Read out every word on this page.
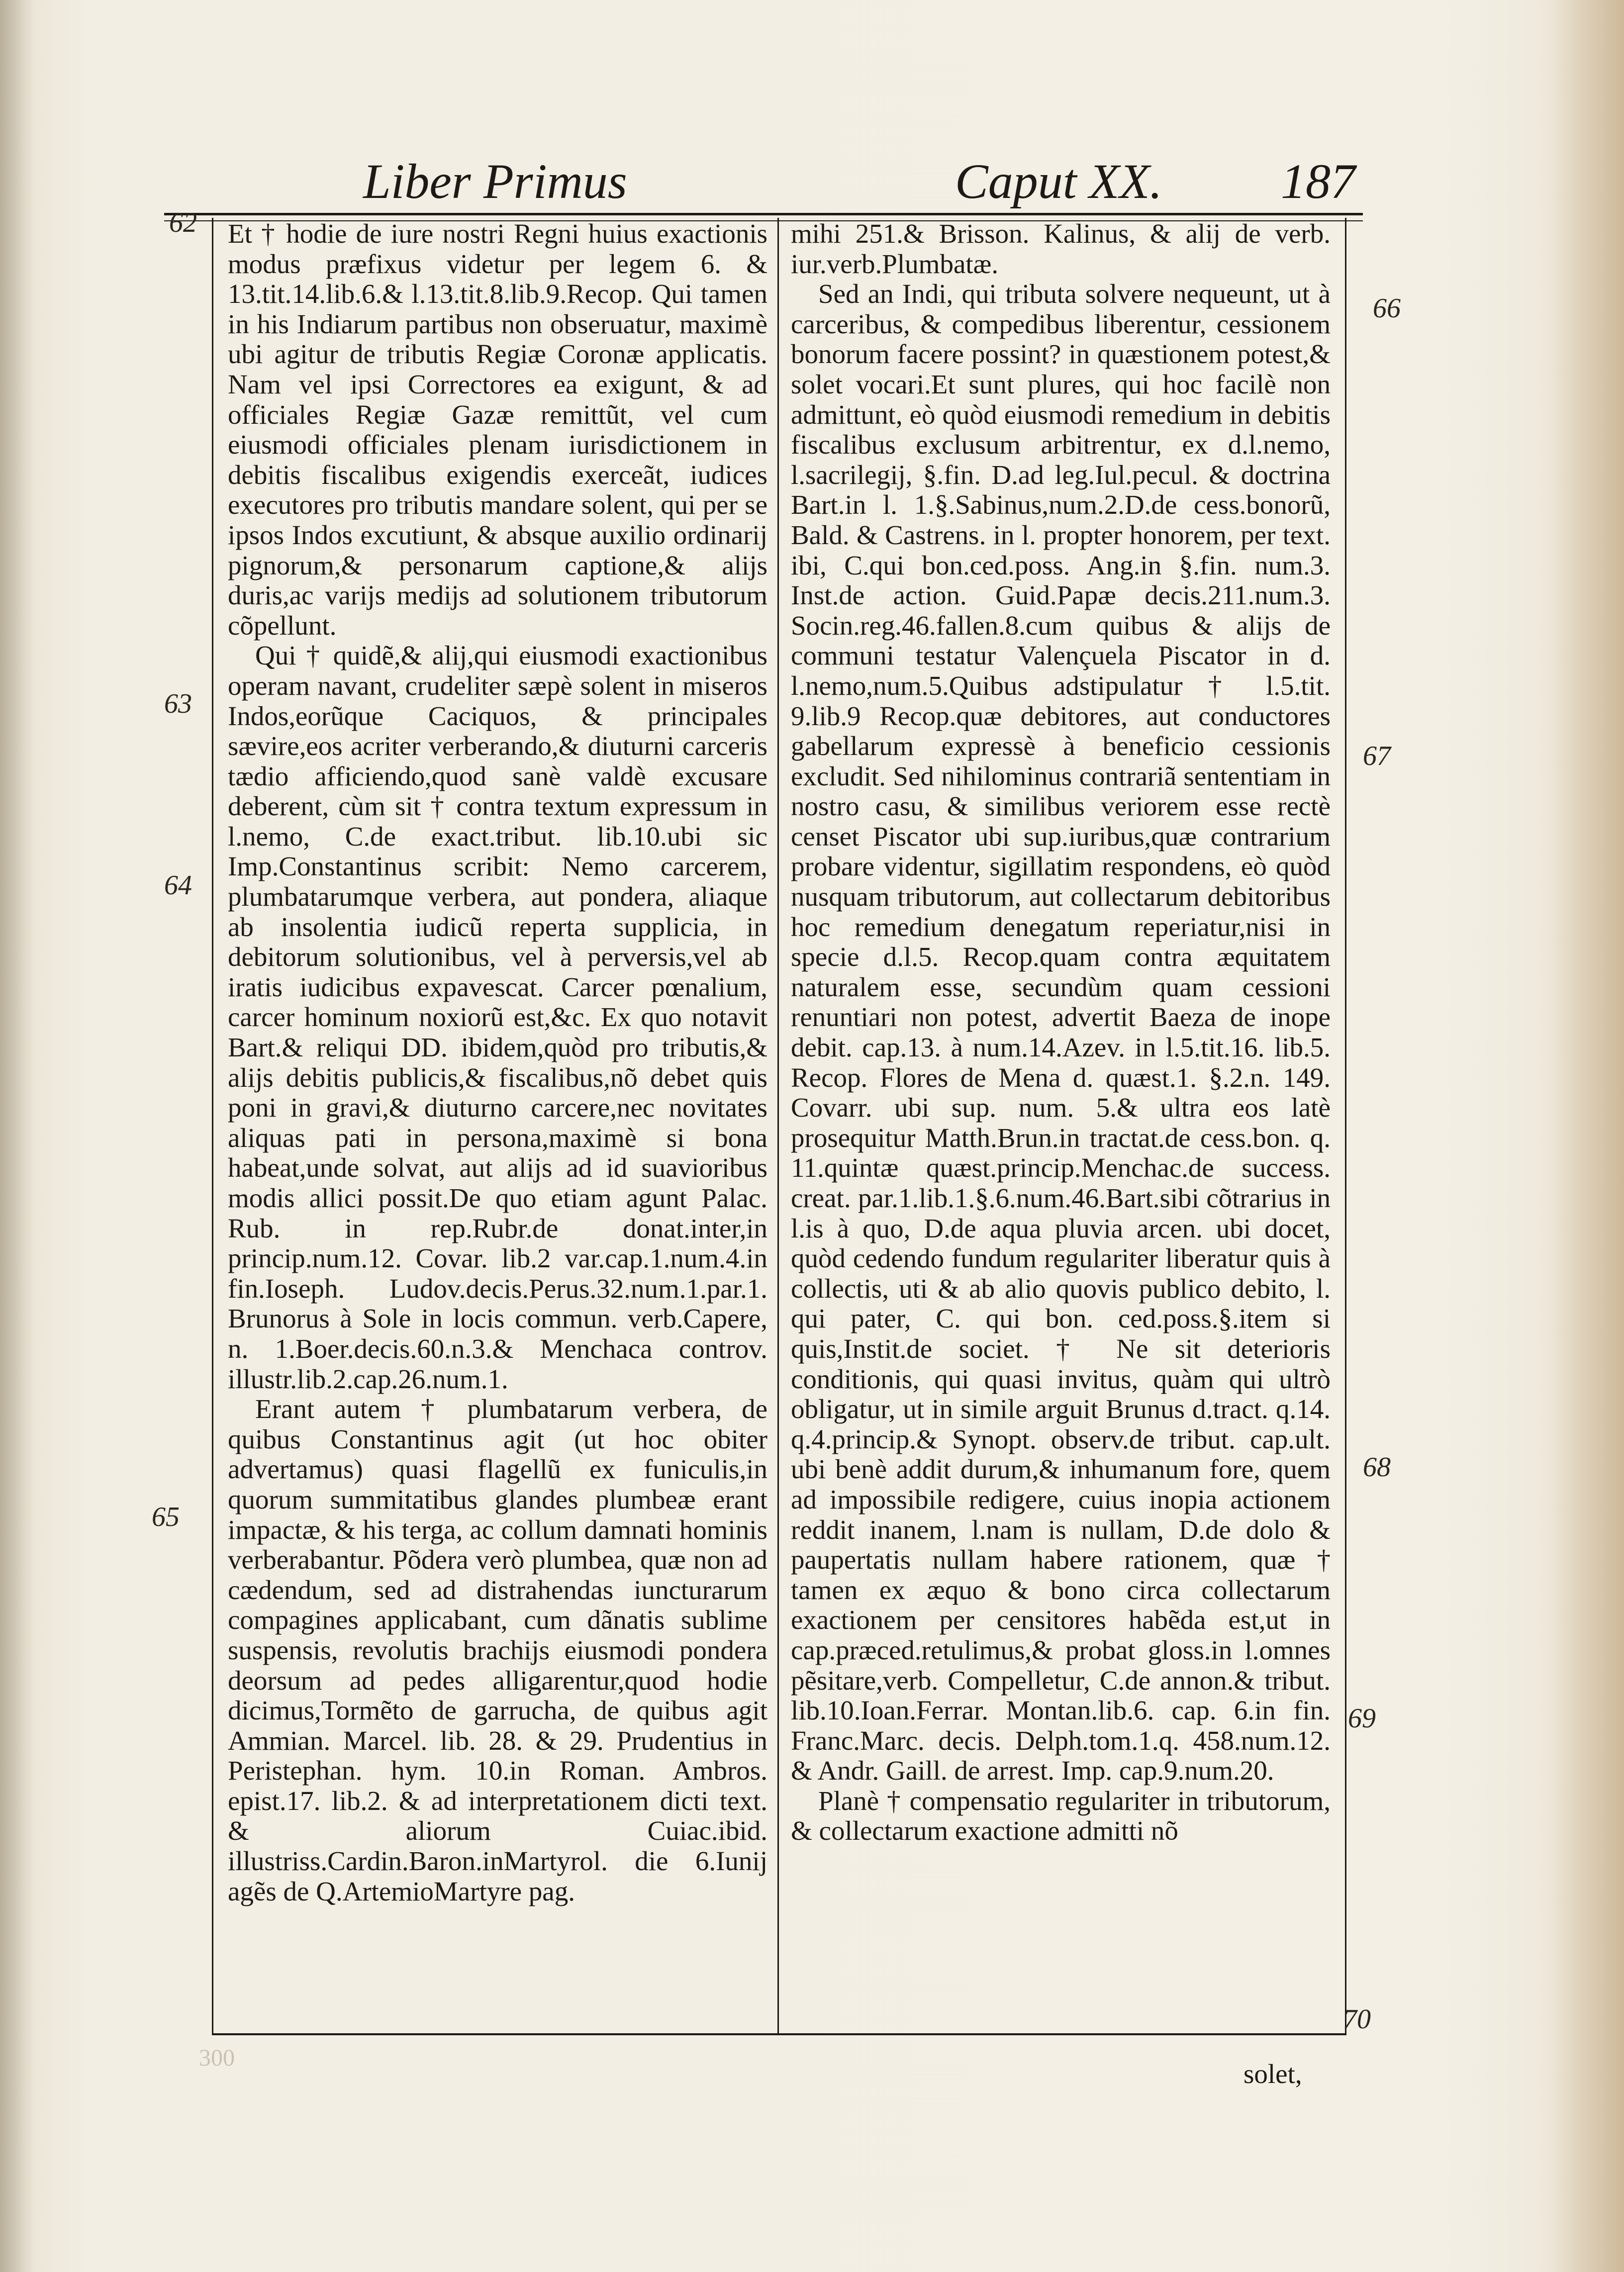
Liber Primus	Caput XX. 187

Et † hodie de iure nostri Regni huius exactionis modus præfixus videtur per legem 6. & 13.tit.14.lib.6.& l.13.tit.8.lib.9.Recop. Qui tamen in his Indiarum partibus non obseruatur, maximè ubi agitur de tributis Regiæ Coronæ applicatis. Nam vel ipsi Correctores ea exigunt, & ad officiales Regiæ Gazæ remittũt, vel cum eiusmodi officiales plenam iurisdictionem in debitis fiscalibus exigendis exerceãt, iudices executores pro tributis mandare solent, qui per se ipsos Indos excutiunt, & absque auxilio ordinarij pignorum,& personarum captione,& alijs duris,ac varijs medijs ad solutionem tributorum cõpellunt.

Qui † quidẽ,& alij,qui eiusmodi exactionibus operam navant, crudeliter sæpè solent in miseros Indos,eorũque Caciquos, & principales sævire,eos acriter verberando,& diuturni carceris tædio afficiendo,quod sanè valdè excusare deberent, cùm sit † contra textum expressum in l.nemo, C.de exact.tribut. lib.10.ubi sic Imp.Constantinus scribit: Nemo carcerem, plumbatarumque verbera, aut pondera, aliaque ab insolentia iudicũ reperta supplicia, in debitorum solutionibus, vel à perversis,vel ab iratis iudicibus expavescat. Carcer pœnalium, carcer hominum noxiorũ est,&c. Ex quo notavit Bart.& reliqui DD. ibidem,quòd pro tributis,& alijs debitis publicis,& fiscalibus,nõ debet quis poni in gravi,& diuturno carcere,nec novitates aliquas pati in persona,maximè si bona habeat,unde solvat, aut alijs ad id suavioribus modis allici possit.De quo etiam agunt Palac. Rub. in rep.Rubr.de donat.inter,in princip.num.12. Covar. lib.2 var.cap.1.num.4.in fin.Ioseph. Ludov.decis.Perus.32.num.1.par.1. Brunorus à Sole in locis commun. verb.Capere, n. 1.Boer.decis.60.n.3.& Menchaca controv. illustr.lib.2.cap.26.num.1.

Erant autem † plumbatarum verbera, de quibus Constantinus agit (ut hoc obiter advertamus) quasi flagellũ ex funiculis,in quorum summitatibus glandes plumbeæ erant impactæ, & his terga, ac collum damnati hominis verberabantur. Põdera verò plumbea, quæ non ad cædendum, sed ad distrahendas iuncturarum compagines applicabant, cum dãnatis sublime suspensis, revolutis brachijs eiusmodi pondera deorsum ad pedes alligarentur,quod hodie dicimus,Tormẽto de garrucha, de quibus agit Ammian. Marcel. lib. 28. & 29. Prudentius in Peristephan. hym. 10.in Roman. Ambros. epist.17. lib.2. & ad interpretationem dicti text. & aliorum Cuiac.ibid. illustriss.Cardin.Baron.inMartyrol. die 6.Iunij agẽs de Q.ArtemioMartyre pag.

mihi 251.& Brisson. Kalinus, & alij de verb. iur.verb.Plumbatæ.

Sed an Indi, qui tributa solvere nequeunt, ut à carceribus, & compedibus liberentur, cessionem bonorum facere possint? in quæstionem potest,& solet vocari.Et sunt plures, qui hoc facilè non admittunt, eò quòd eiusmodi remedium in debitis fiscalibus exclusum arbitrentur, ex d.l.nemo, l.sacrilegij, §.fin. D.ad leg.Iul.pecul. & doctrina Bart.in l. 1.§.Sabinus,num.2.D.de cess.bonorũ, Bald. & Castrens. in l. propter honorem, per text. ibi, C.qui bon.ced.poss. Ang.in §.fin. num.3. Inst.de action. Guid.Papæ decis.211.num.3. Socin.reg.46.fallen.8.cum quibus & alijs de communi testatur Valençuela Piscator in d. l.nemo,num.5.Quibus adstipulatur † l.5.tit. 9.lib.9 Recop.quæ debitores, aut conductores gabellarum expressè à beneficio cessionis excludit. Sed nihilominus contrariã sententiam in nostro casu, & similibus veriorem esse rectè censet Piscator ubi sup.iuribus,quæ contrarium probare videntur, sigillatim respondens, eò quòd nusquam tributorum, aut collectarum debitoribus hoc remedium denegatum reperiatur,nisi in specie d.l.5. Recop.quam contra æquitatem naturalem esse, secundùm quam cessioni renuntiari non potest, advertit Baeza de inope debit. cap.13. à num.14.Azev. in l.5.tit.16. lib.5. Recop. Flores de Mena d. quæst.1. §.2.n. 149. Covarr. ubi sup. num. 5.& ultra eos latè prosequitur Matth.Brun.in tractat.de cess.bon. q. 11.quintæ quæst.princip.Menchac.de success. creat. par.1.lib.1.§.6.num.46.Bart.sibi cõtrarius in l.is à quo, D.de aqua pluvia arcen. ubi docet, quòd cedendo fundum regulariter liberatur quis à collectis, uti & ab alio quovis publico debito, l. qui pater, C. qui bon. ced.poss.§.item si quis,Instit.de societ. † Ne sit deterioris conditionis, qui quasi invitus, quàm qui ultrò obligatur, ut in simile arguit Brunus d.tract. q.14. q.4.princip.& Synopt. observ.de tribut. cap.ult. ubi benè addit durum,& inhumanum fore, quem ad impossibile redigere, cuius inopia actionem reddit inanem, l.nam is nullam, D.de dolo & paupertatis nullam habere rationem, quæ † tamen ex æquo & bono circa collectarum exactionem per censitores habẽda est,ut in cap.præced.retulimus,& probat gloss.in l.omnes pẽsitare,verb. Compelletur, C.de annon.& tribut. lib.10.Ioan.Ferrar. Montan.lib.6. cap. 6.in fin. Franc.Marc. decis. Delph.tom.1.q. 458.num.12. & Andr. Gaill. de arrest. Imp. cap.9.num.20.

Planè † compensatio regulariter in tributorum, & collectarum exactione admitti nõ

62
63
64
65
66
67
68
69
70
300
solet,
